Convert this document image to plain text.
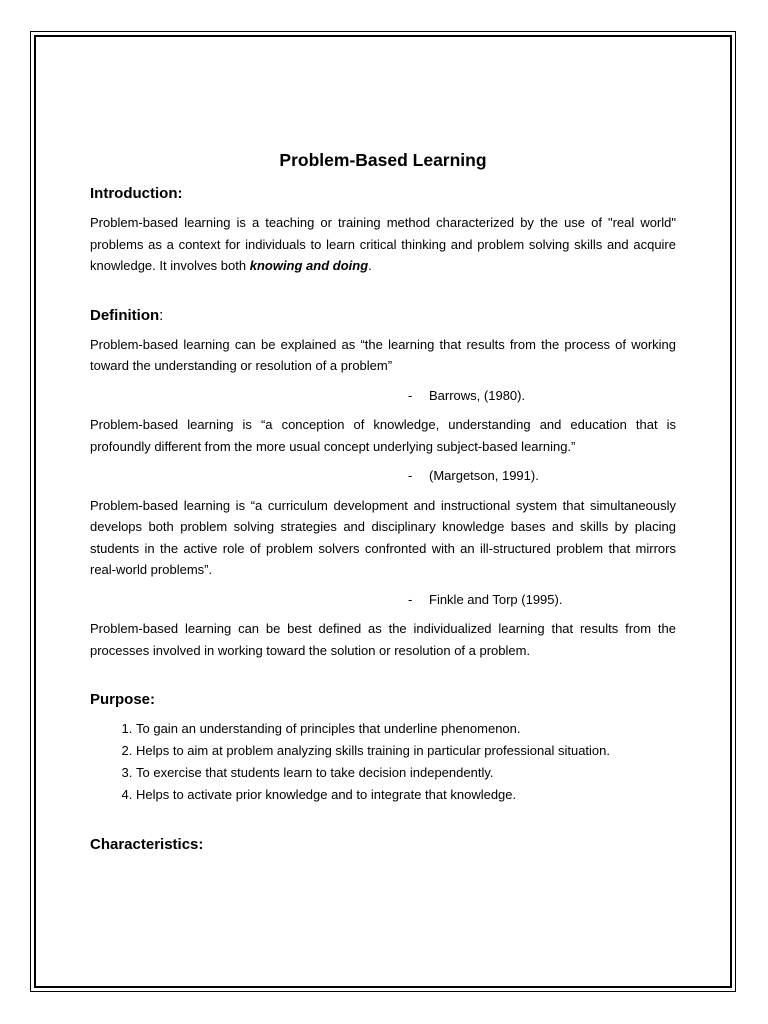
Problem-Based Learning
Introduction:

Problem-based learning is a teaching or training method characterized by the use of "real world" problems as a context for individuals to learn critical thinking and problem solving skills and acquire knowledge. It involves both knowing and doing.

Definition:

Problem-based learning can be explained as “the learning that results from the process of working toward the understanding or resolution of a problem”

- Barrows, (1980).

Problem-based learning is “a conception of knowledge, understanding and education that is profoundly different from the more usual concept underlying subject-based learning.”

- (Margetson, 1991).

Problem-based learning is “a curriculum development and instructional system that simultaneously develops both problem solving strategies and disciplinary knowledge bases and skills by placing students in the active role of problem solvers confronted with an ill-structured problem that mirrors real-world problems”.

- Finkle and Torp (1995).

Problem-based learning can be best defined as the individualized learning that results from the processes involved in working toward the solution or resolution of a problem.

Purpose:
1. To gain an understanding of principles that underline phenomenon.
2. Helps to aim at problem analyzing skills training in particular professional situation.
3. To exercise that students learn to take decision independently.
4. Helps to activate prior knowledge and to integrate that knowledge.
Characteristics:
